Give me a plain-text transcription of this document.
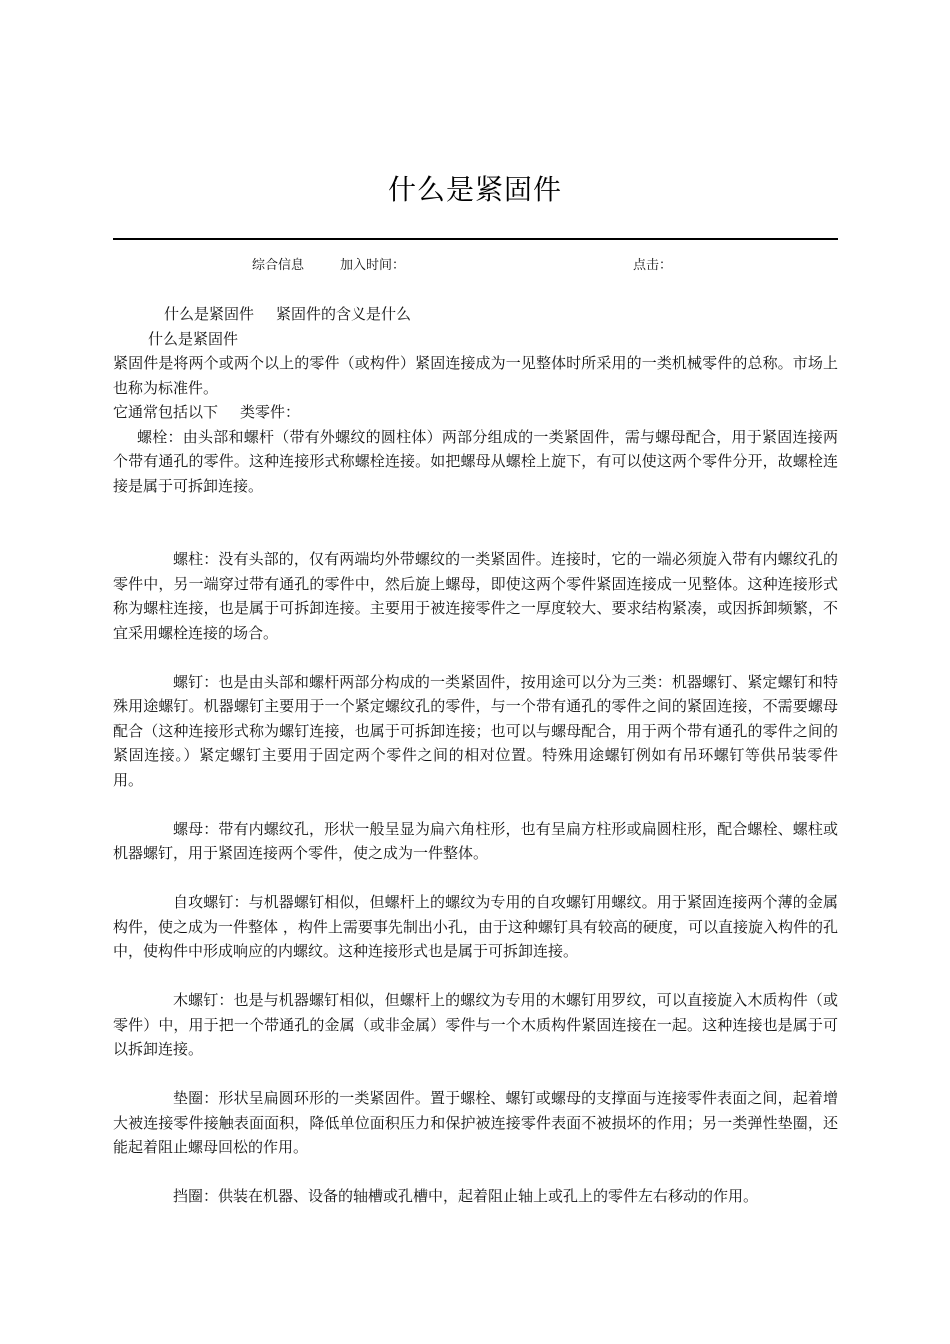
什么是紧固件
综合信息	加入时间：	点击：

什么是紧固件 紧固件的含义是什么

什么是紧固件

紧固件是将两个或两个以上的零件（或构件）紧固连接成为一见整体时所采用的一类机械零件的总称。市场上也称为标准件。

它通常包括以下 类零件：

螺栓：由头部和螺杆（带有外螺纹的圆柱体）两部分组成的一类紧固件，需与螺母配合，用于紧固连接两个带有通孔的零件。这种连接形式称螺栓连接。如把螺母从螺栓上旋下，有可以使这两个零件分开，故螺栓连接是属于可拆卸连接。

螺柱：没有头部的，仅有两端均外带螺纹的一类紧固件。连接时，它的一端必须旋入带有内螺纹孔的零件中，另一端穿过带有通孔的零件中，然后旋上螺母，即使这两个零件紧固连接成一见整体。这种连接形式称为螺柱连接，也是属于可拆卸连接。主要用于被连接零件之一厚度较大、要求结构紧凑，或因拆卸频繁，不宜采用螺栓连接的场合。

螺钉：也是由头部和螺杆两部分构成的一类紧固件，按用途可以分为三类：机器螺钉、紧定螺钉和特殊用途螺钉。机器螺钉主要用于一个紧定螺纹孔的零件，与一个带有通孔的零件之间的紧固连接，不需要螺母配合（这种连接形式称为螺钉连接，也属于可拆卸连接；也可以与螺母配合，用于两个带有通孔的零件之间的紧固连接。）紧定螺钉主要用于固定两个零件之间的相对位置。特殊用途螺钉例如有吊环螺钉等供吊装零件用。

螺母：带有内螺纹孔，形状一般呈显为扁六角柱形，也有呈扁方柱形或扁圆柱形，配合螺栓、螺柱或机器螺钉，用于紧固连接两个零件，使之成为一件整体。

自攻螺钉：与机器螺钉相似，但螺杆上的螺纹为专用的自攻螺钉用螺纹。用于紧固连接两个薄的金属构件，使之成为一件整体 ，构件上需要事先制出小孔，由于这种螺钉具有较高的硬度，可以直接旋入构件的孔中，使构件中形成响应的内螺纹。这种连接形式也是属于可拆卸连接。

木螺钉：也是与机器螺钉相似，但螺杆上的螺纹为专用的木螺钉用罗纹，可以直接旋入木质构件（或零件）中，用于把一个带通孔的金属（或非金属）零件与一个木质构件紧固连接在一起。这种连接也是属于可以拆卸连接。

垫圈：形状呈扁圆环形的一类紧固件。置于螺栓、螺钉或螺母的支撑面与连接零件表面之间，起着增大被连接零件接触表面面积，降低单位面积压力和保护被连接零件表面不被损坏的作用；另一类弹性垫圈，还能起着阻止螺母回松的作用。

挡圈：供装在机器、设备的轴槽或孔槽中，起着阻止轴上或孔上的零件左右移动的作用。
